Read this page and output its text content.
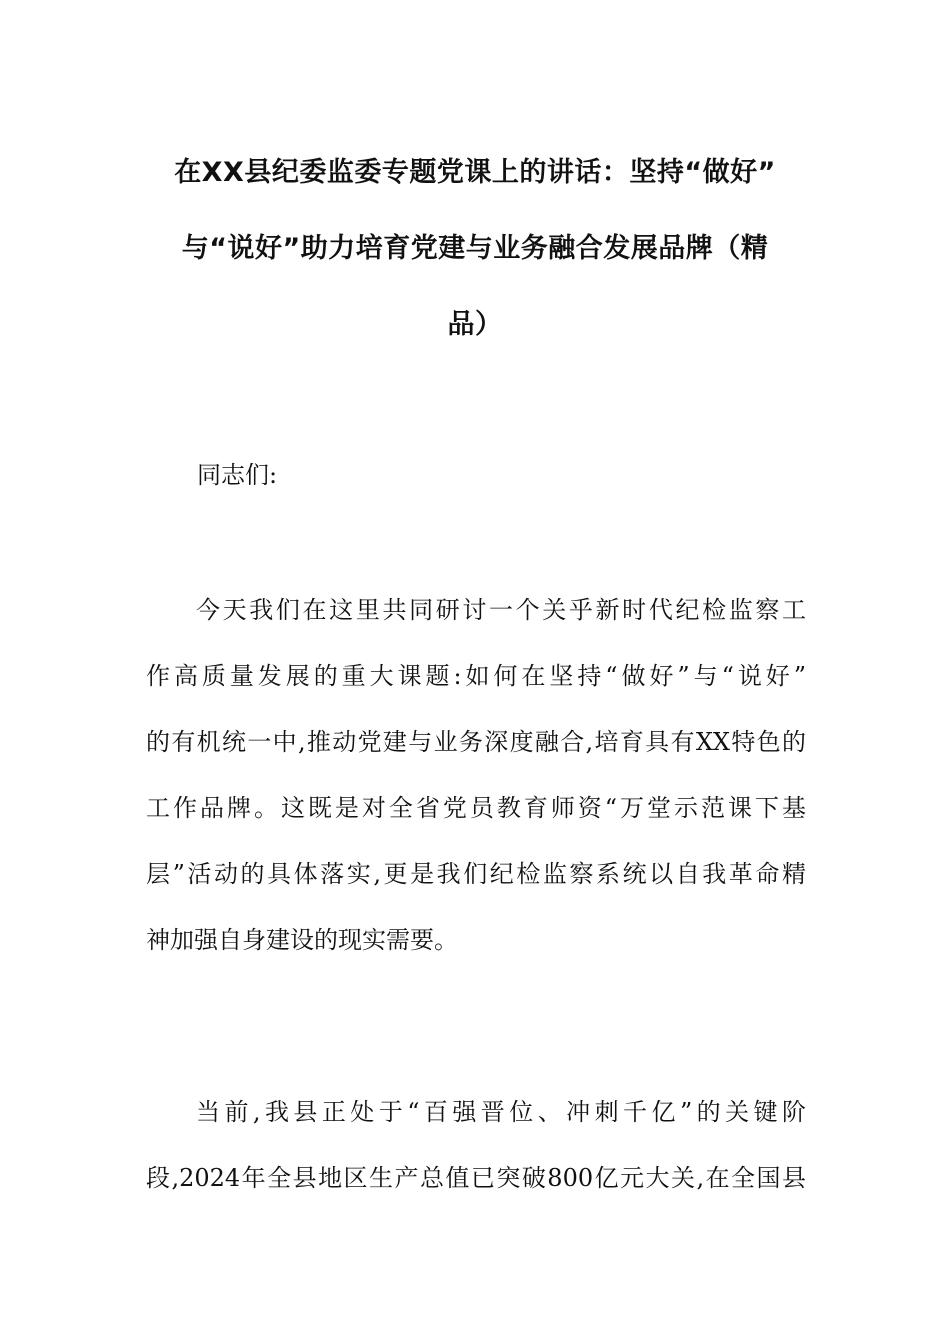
在XX县纪委监委专题党课上的讲话：坚持“做好”
与“说好”助力培育党建与业务融合发展品牌（精
品）

同志们:

今天我们在这里共同研讨一个关乎新时代纪检监察工
作高质量发展的重大课题:如何在坚持“做好”与“说好”
的有机统一中,推动党建与业务深度融合,培育具有XX特色的
工作品牌。这既是对全省党员教育师资“万堂示范课下基
层”活动的具体落实,更是我们纪检监察系统以自我革命精
神加强自身建设的现实需要。
当前,我县正处于“百强晋位、冲刺千亿”的关键阶
段,2024年全县地区生产总值已突破800亿元大关,在全国县
